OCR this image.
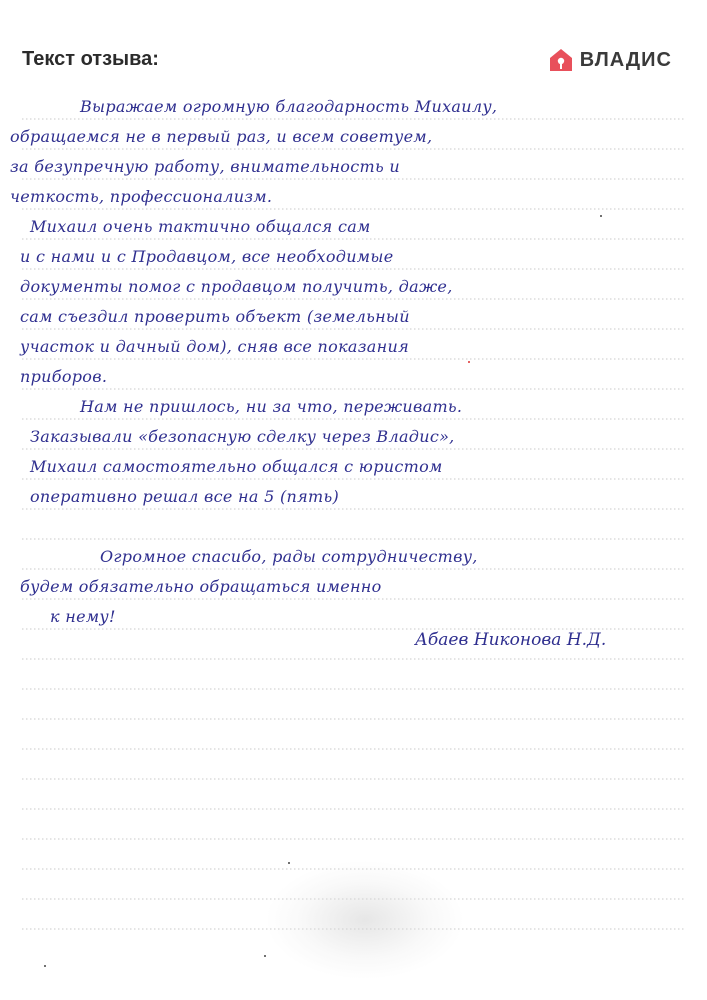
Текст отзыва:	ВЛАДИС
Выражаем огромную благодарность Михаилу,
обращаемся не в первый раз, и всем советуем,
за безупречную работу, внимательность и
четкость, профессионализм.
Михаил очень тактично общался сам
и с нами и с Продавцом, все необходимые
документы помог с продавцом получить, даже,
сам съездил проверить объект (земельный
участок и дачный дом), сняв все показания
приборов.
Нам не пришлось, ни за что, переживать.
Заказывали «безопасную сделку через Владис»,
Михаил самостоятельно общался с юристом
оперативно решал все на 5 (пять)
Огромное спасибо, рады сотрудничеству,
будем обязательно обращаться именно
к нему!
Абаев Никонова Н.Д.
